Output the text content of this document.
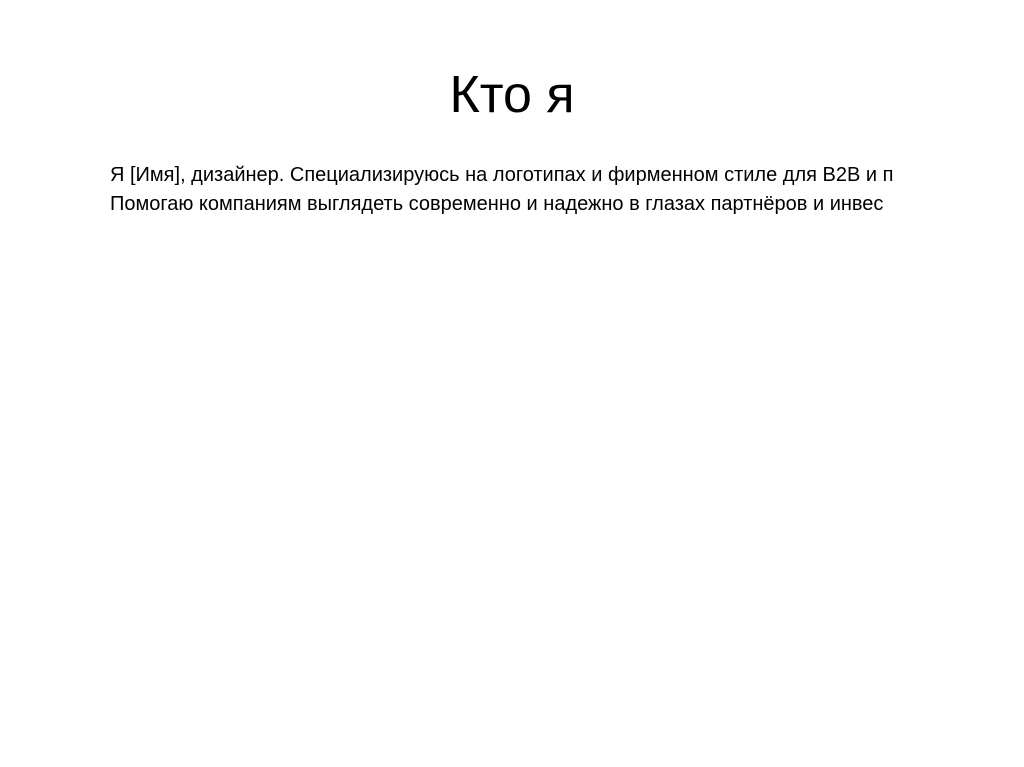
Кто я
Я [Имя], дизайнер. Специализируюсь на логотипах и фирменном стиле для B2B и п
Помогаю компаниям выглядеть современно и надежно в глазах партнёров и инвес
